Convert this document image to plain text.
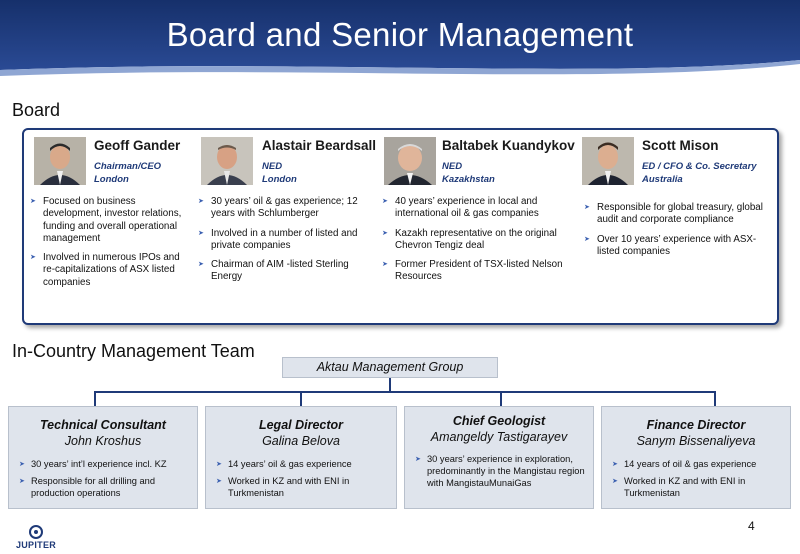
Board and Senior Management
Board
Geoff Gander
Chairman/CEO
London
➤ Focused on business development, investor relations, funding and overall operational management
➤ Involved in numerous IPOs and re-capitalizations of ASX listed companies
Alastair Beardsall
NED
London
➤ 30 years’ oil & gas experience; 12 years with Schlumberger
➤ Involved in a number of listed and private companies
➤ Chairman of AIM -listed Sterling Energy
Baltabek Kuandykov
NED
Kazakhstan
➤ 40 years’ experience in local and international oil & gas companies
➤ Kazakh representative on the original Chevron Tengiz deal
➤ Former President of TSX-listed Nelson Resources
Scott Mison
ED / CFO & Co. Secretary
Australia
➤ Responsible for global treasury, global audit and corporate compliance
➤ Over 10 years’ experience with ASX-listed companies
In-Country Management Team
Aktau Management Group
Technical Consultant
John Kroshus
➤ 30 years’ int’l experience incl. KZ
➤ Responsible for all drilling and production operations
Legal Director
Galina Belova
➤ 14 years’ oil & gas experience
➤ Worked in KZ and with ENI in Turkmenistan
Chief Geologist
Amangeldy Tastigarayev
➤ 30 years’ experience in exploration, predominantly in the Mangistau region with MangistauMunaiGas
Finance Director
Sanym Bissenaliyeva
➤ 14 years of oil & gas experience
➤ Worked in KZ and with ENI in Turkmenistan
4
JUPITER
